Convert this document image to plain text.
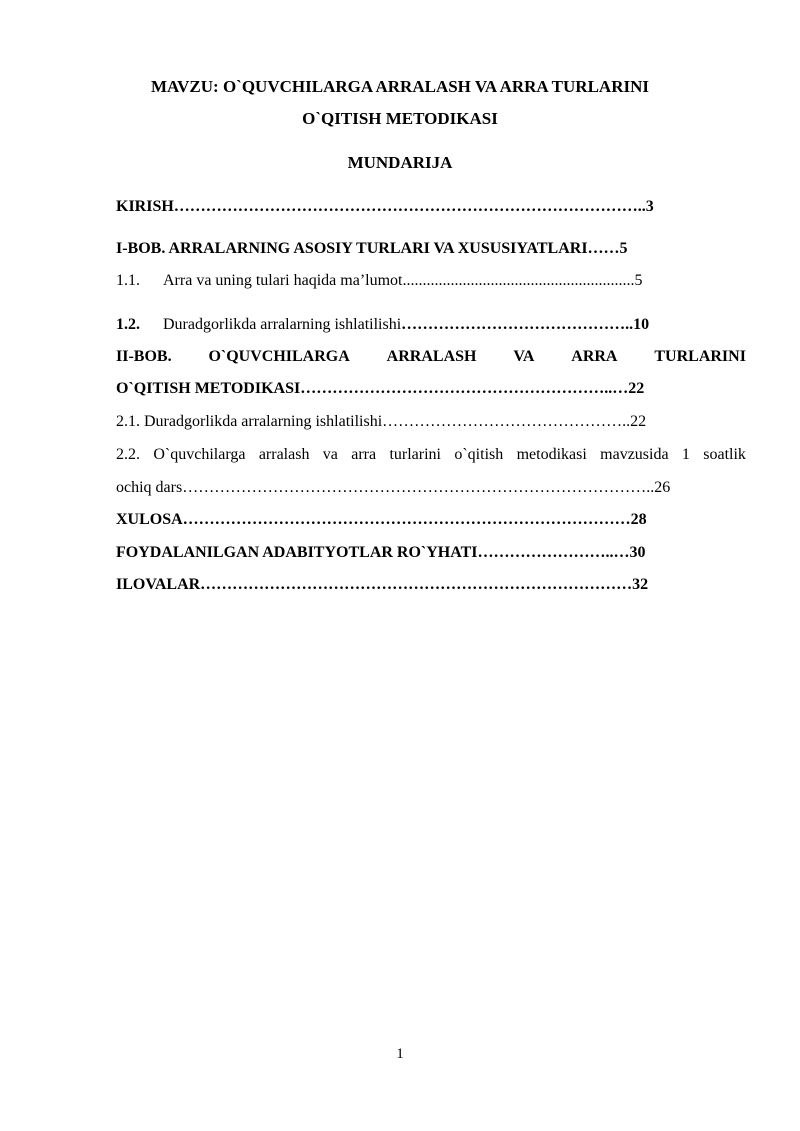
MAVZU: O`QUVCHILARGA ARRALASH VA ARRA TURLARINI
O`QITISH METODIKASI
MUNDARIJA
KIRISH……………………………………………………………………………..3
I-BOB. ARRALARNING ASOSIY TURLARI VA XUSUSIYATLARI……5
1.1. Arra va uning tulari haqida ma’lumot..........................................................5
1.2. Duradgorlikda arralarning ishlatilishi……………………………………..10
II-BOB. O`QUVCHILARGA ARRALASH VA ARRA TURLARINI
O`QITISH METODIKASI…………………………………………………..…22
2.1. Duradgorlikda arralarning ishlatilishi………………………………………..22
2.2. O`quvchilarga arralash va arra turlarini o`qitish metodikasi mavzusida 1 soatlik
ochiq dars……………………………………………………………………………..26
XULOSA…………………………………………………………………………28
FOYDALANILGAN ADABITYOTLAR RO`YHATI……………………..…30
ILOVALAR………………………………………………………………………32
1
